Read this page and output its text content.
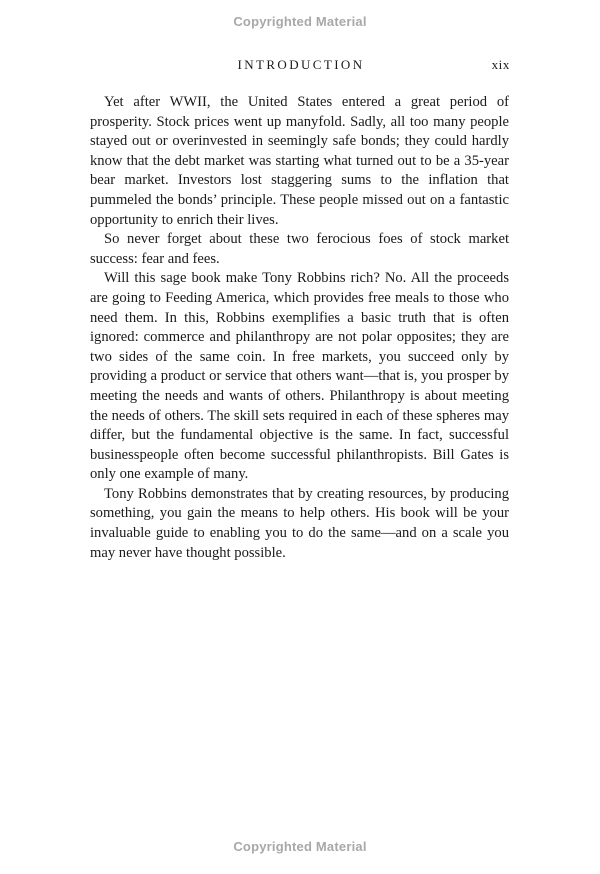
Copyrighted Material
INTRODUCTION	xix

Yet after WWII, the United States entered a great period of prosperity. Stock prices went up manyfold. Sadly, all too many people stayed out or overinvested in seemingly safe bonds; they could hardly know that the debt market was starting what turned out to be a 35-year bear market. Investors lost staggering sums to the inflation that pummeled the bonds’ principle. These people missed out on a fantastic opportunity to enrich their lives.

So never forget about these two ferocious foes of stock market success: fear and fees.

Will this sage book make Tony Robbins rich? No. All the proceeds are going to Feeding America, which provides free meals to those who need them. In this, Robbins exemplifies a basic truth that is often ignored: commerce and philanthropy are not polar opposites; they are two sides of the same coin. In free markets, you succeed only by providing a product or service that others want—that is, you prosper by meeting the needs and wants of others. Philanthropy is about meeting the needs of others. The skill sets required in each of these spheres may differ, but the fundamental objective is the same. In fact, successful businesspeople often become successful philanthropists. Bill Gates is only one example of many.

Tony Robbins demonstrates that by creating resources, by producing something, you gain the means to help others. His book will be your invaluable guide to enabling you to do the same—and on a scale you may never have thought possible.

Copyrighted Material
